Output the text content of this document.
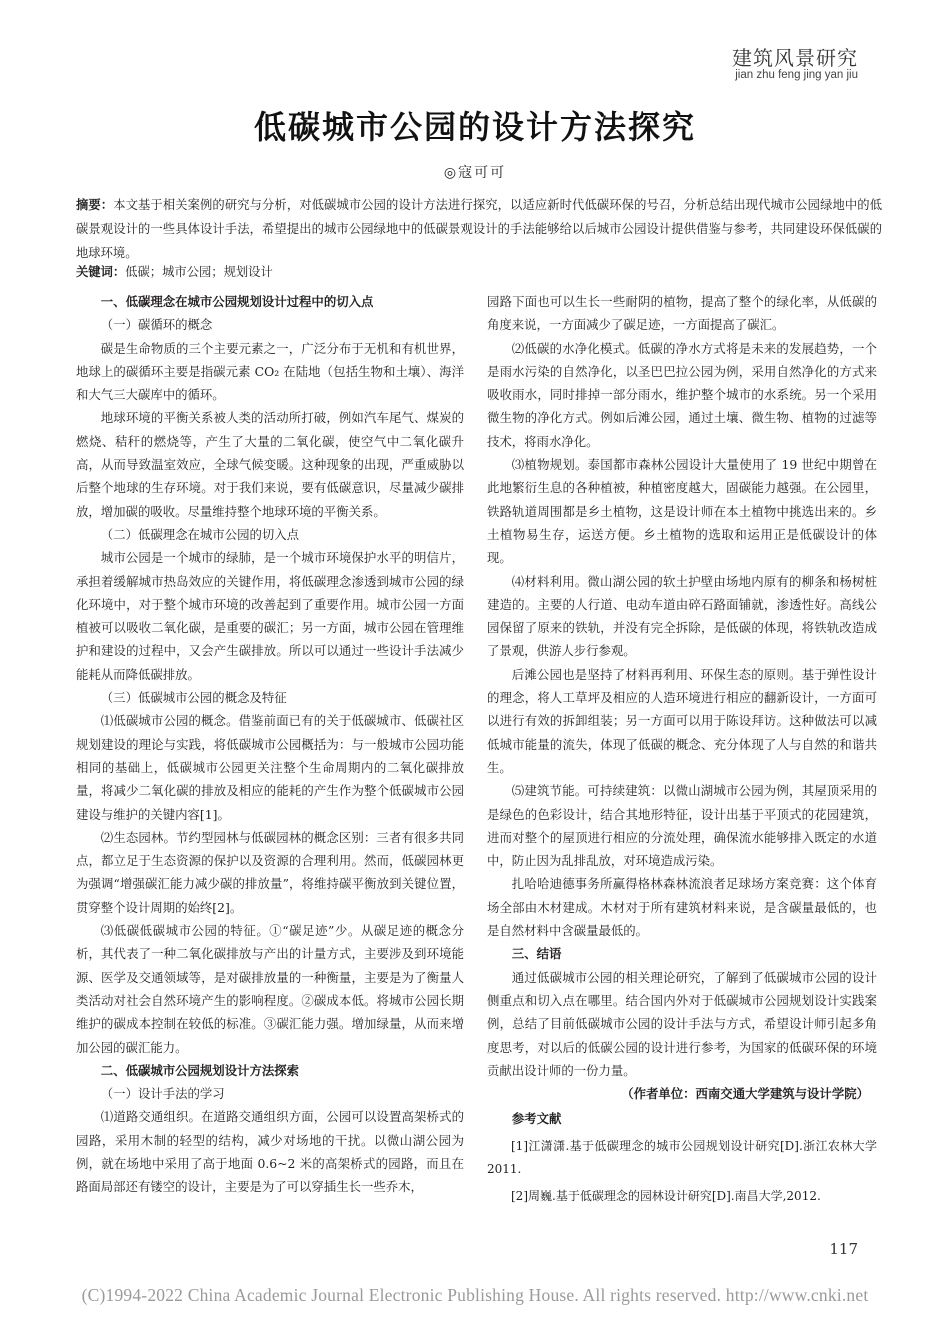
建筑风景研究
jian zhu feng jing yan jiu
低碳城市公园的设计方法探究
◎寇可可
摘要：本文基于相关案例的研究与分析，对低碳城市公园的设计方法进行探究，以适应新时代低碳环保的号召，分析总结出现代城市公园绿地中的低碳景观设计的一些具体设计手法，希望提出的城市公园绿地中的低碳景观设计的手法能够给以后城市公园设计提供借鉴与参考，共同建设环保低碳的地球环境。
关键词：低碳；城市公园；规划设计

一、低碳理念在城市公园规划设计过程中的切入点

（一）碳循环的概念

碳是生命物质的三个主要元素之一，广泛分布于无机和有机世界，地球上的碳循环主要是指碳元素 CO₂ 在陆地（包括生物和土壤）、海洋和大气三大碳库中的循环。

地球环境的平衡关系被人类的活动所打破，例如汽车尾气、煤炭的燃烧、秸秆的燃烧等，产生了大量的二氧化碳，使空气中二氧化碳升高，从而导致温室效应，全球气候变暖。这种现象的出现，严重威胁以后整个地球的生存环境。对于我们来说，要有低碳意识，尽量减少碳排放，增加碳的吸收。尽量维持整个地球环境的平衡关系。

（二）低碳理念在城市公园的切入点

城市公园是一个城市的绿肺，是一个城市环境保护水平的明信片，承担着缓解城市热岛效应的关键作用，将低碳理念渗透到城市公园的绿化环境中，对于整个城市环境的改善起到了重要作用。城市公园一方面植被可以吸收二氧化碳，是重要的碳汇；另一方面，城市公园在管理维护和建设的过程中，又会产生碳排放。所以可以通过一些设计手法减少能耗从而降低碳排放。

（三）低碳城市公园的概念及特征

⑴低碳城市公园的概念。借鉴前面已有的关于低碳城市、低碳社区规划建设的理论与实践，将低碳城市公园概括为：与一般城市公园功能相同的基础上，低碳城市公园更关注整个生命周期内的二氧化碳排放量，将减少二氧化碳的排放及相应的能耗的产生作为整个低碳城市公园建设与维护的关键内容[1]。

⑵生态园林。节约型园林与低碳园林的概念区别：三者有很多共同点，都立足于生态资源的保护以及资源的合理利用。然而，低碳园林更为强调“增强碳汇能力减少碳的排放量”，将维持碳平衡放到关键位置，贯穿整个设计周期的始终[2]。

⑶低碳低碳城市公园的特征。①“碳足迹”少。从碳足迹的概念分析，其代表了一种二氧化碳排放与产出的计量方式，主要涉及到环境能源、医学及交通领域等，是对碳排放量的一种衡量，主要是为了衡量人类活动对社会自然环境产生的影响程度。②碳成本低。将城市公园长期维护的碳成本控制在较低的标准。③碳汇能力强。增加绿量，从而来增加公园的碳汇能力。

二、低碳城市公园规划设计方法探索

（一）设计手法的学习

⑴道路交通组织。在道路交通组织方面，公园可以设置高架桥式的园路，采用木制的轻型的结构，减少对场地的干扰。以微山湖公园为例，就在场地中采用了高于地面 0.6~2 米的高架桥式的园路，而且在路面局部还有镂空的设计，主要是为了可以穿插生长一些乔木，

园路下面也可以生长一些耐阴的植物，提高了整个的绿化率，从低碳的角度来说，一方面减少了碳足迹，一方面提高了碳汇。

⑵低碳的水净化模式。低碳的净水方式将是未来的发展趋势，一个是雨水污染的自然净化，以圣巴巴拉公园为例，采用自然净化的方式来吸收雨水，同时排掉一部分雨水，维护整个城市的水系统。另一个采用微生物的净化方式。例如后滩公园，通过土壤、微生物、植物的过滤等技术，将雨水净化。

⑶植物规划。泰国都市森林公园设计大量使用了 19 世纪中期曾在此地繁衍生息的各种植被，种植密度越大，固碳能力越强。在公园里，铁路轨道周围都是乡土植物，这是设计师在本土植物中挑选出来的。乡土植物易生存，运送方便。乡土植物的选取和运用正是低碳设计的体现。

⑷材料利用。微山湖公园的软土护壁由场地内原有的柳条和杨树桩建造的。主要的人行道、电动车道由碎石路面铺就，渗透性好。高线公园保留了原来的铁轨，并没有完全拆除，是低碳的体现，将铁轨改造成了景观，供游人步行参观。

后滩公园也是坚持了材料再利用、环保生态的原则。基于弹性设计的理念，将人工草坪及相应的人造环境进行相应的翻新设计，一方面可以进行有效的拆卸组装；另一方面可以用于陈设拜访。这种做法可以减低城市能量的流失，体现了低碳的概念、充分体现了人与自然的和谐共生。

⑸建筑节能。可持续建筑：以微山湖城市公园为例，其屋顶采用的是绿色的色彩设计，结合其地形特征，设计出基于平顶式的花园建筑，进而对整个的屋顶进行相应的分流处理，确保流水能够排入既定的水道中，防止因为乱排乱放，对环境造成污染。

扎哈哈迪德事务所赢得格林森林流浪者足球场方案竞赛：这个体育场全部由木材建成。木材对于所有建筑材料来说，是含碳量最低的，也是自然材料中含碳量最低的。

三、结语

通过低碳城市公园的相关理论研究，了解到了低碳城市公园的设计侧重点和切入点在哪里。结合国内外对于低碳城市公园规划设计实践案例，总结了目前低碳城市公园的设计手法与方式，希望设计师引起多角度思考，对以后的低碳公园的设计进行参考，为国家的低碳环保的环境贡献出设计师的一份力量。

（作者单位：西南交通大学建筑与设计学院）

参考文献

[1]江潇潇.基于低碳理念的城市公园规划设计研究[D].浙江农林大学 2011.

[2]周巍.基于低碳理念的园林设计研究[D].南昌大学,2012.

117
(C)1994-2022 China Academic Journal Electronic Publishing House. All rights reserved. http://www.cnki.net
